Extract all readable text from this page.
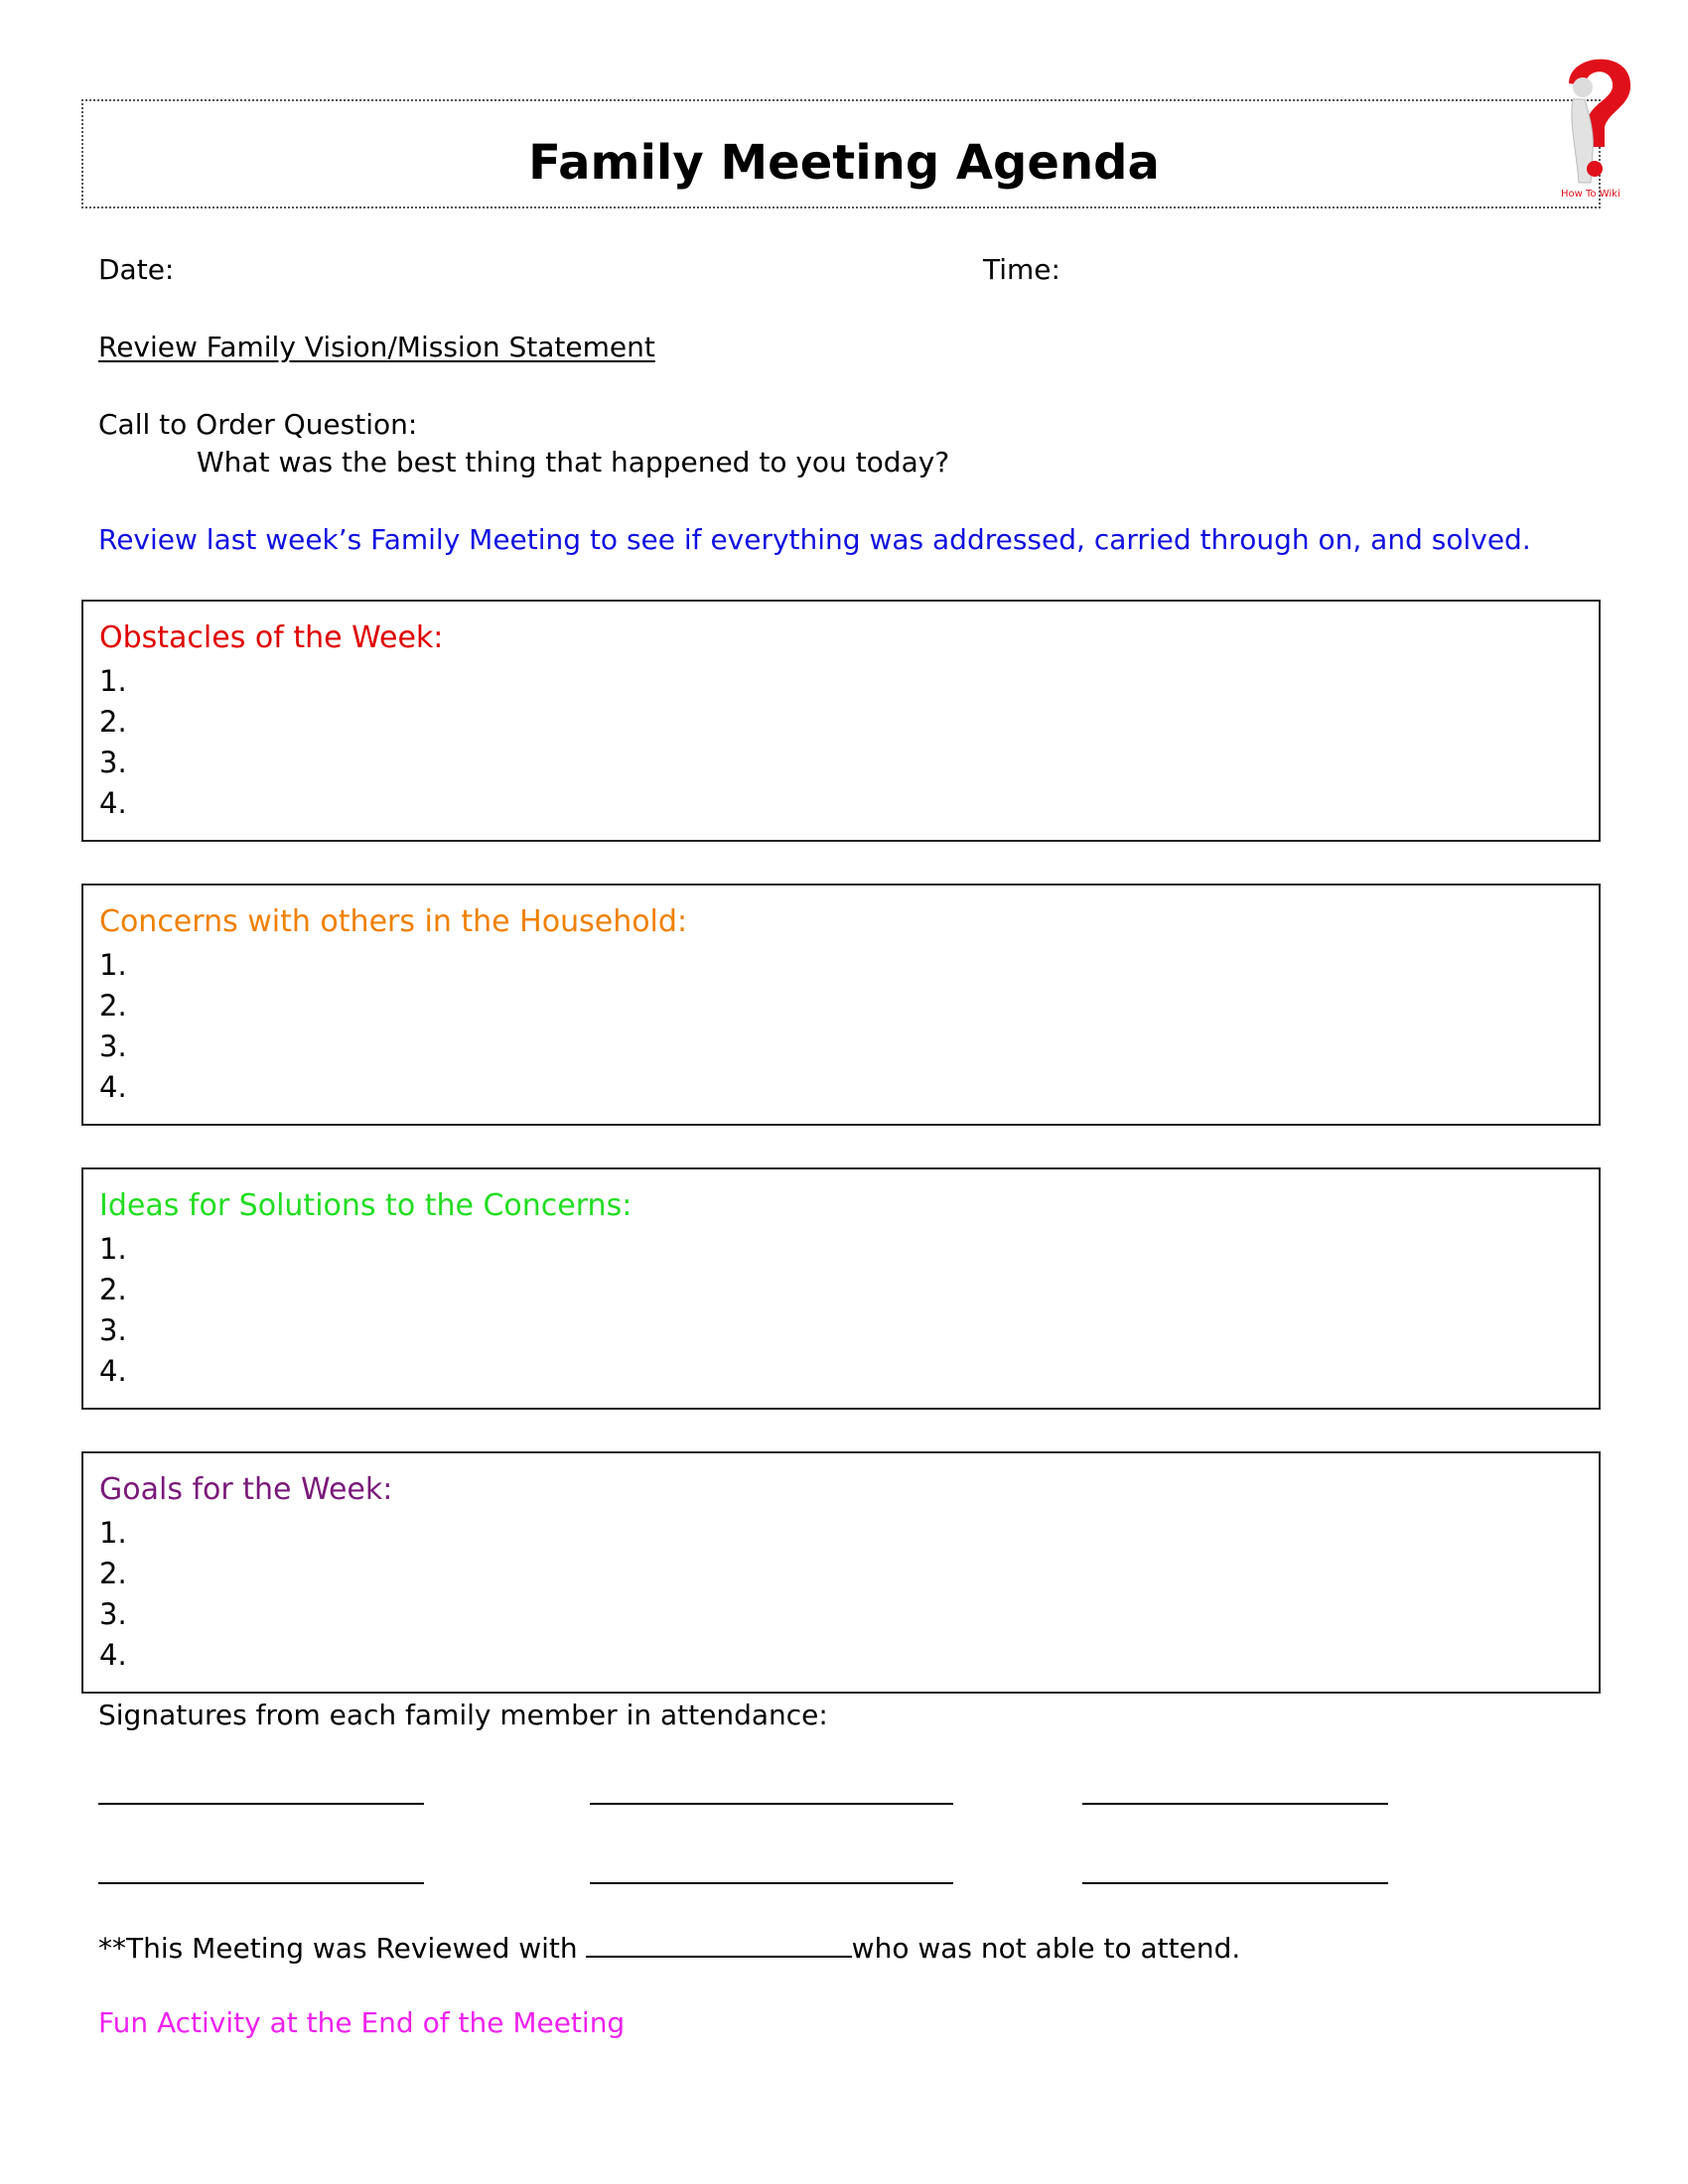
Family Meeting Agenda
How To Wiki
Date:	Time:
Review Family Vision/Mission Statement
Call to Order Question:
What was the best thing that happened to you today?
Review last week’s Family Meeting to see if everything was addressed, carried through on, and solved.
Obstacles of the Week:
1.
2.
3.
4.
Concerns with others in the Household:
1.
2.
3.
4.
Ideas for Solutions to the Concerns:
1.
2.
3.
4.
Goals for the Week:
1.
2.
3.
4.
Signatures from each family member in attendance:
**This Meeting was Reviewed with	who was not able to attend.
Fun Activity at the End of the Meeting
